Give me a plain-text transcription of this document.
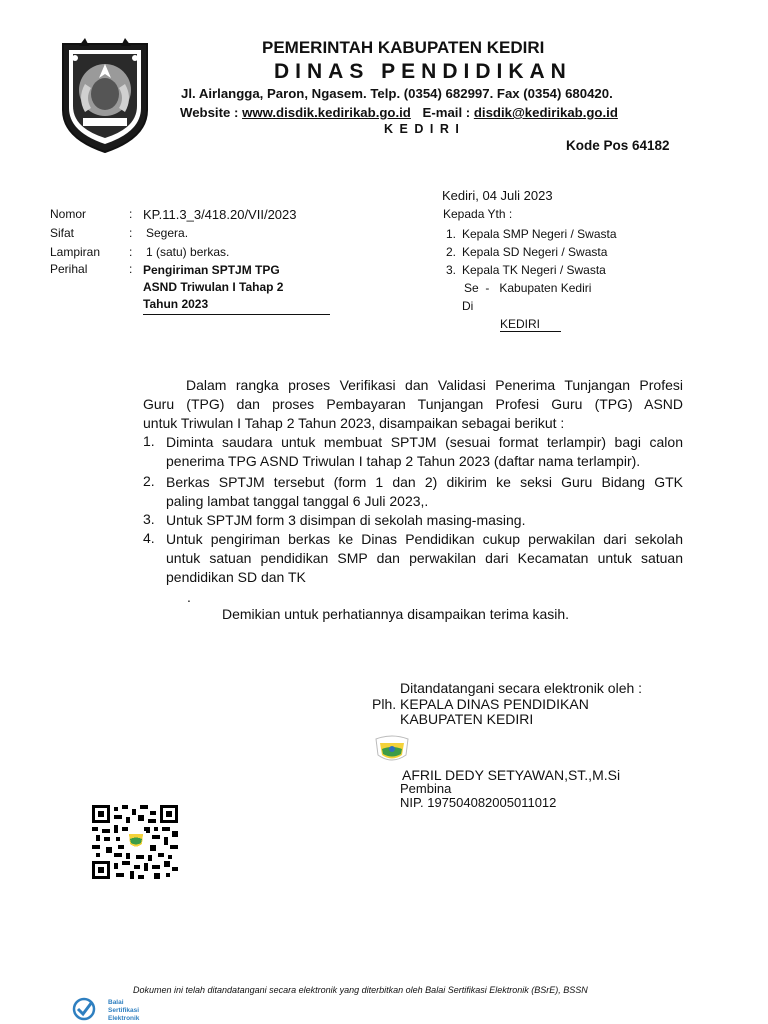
PEMERINTAH KABUPATEN KEDIRI
DINAS PENDIDIKAN
Jl. Airlangga, Paron, Ngasem. Telp. (0354) 682997. Fax (0354) 680420.
Website : www.disdik.kedirikab.go.id E-mail : disdik@kedirikab.go.id
KEDIRI
Kode Pos 64182
Kediri, 04 Juli 2023
Nomor	: KP.11.3_3/418.20/VII/2023
Sifat	: Segera.
Lampiran : 1 (satu) berkas.
Perihal	: Pengiriman SPTJM TPG
ASND Triwulan I Tahap 2
Tahun 2023
Kepada Yth :
1. Kepala SMP Negeri / Swasta
2. Kepala SD Negeri / Swasta
3. Kepala TK Negeri / Swasta
Se  -   Kabupaten Kediri
Di
KEDIRI
Dalam rangka proses Verifikasi dan Validasi Penerima Tunjangan Profesi
Guru (TPG) dan proses Pembayaran Tunjangan Profesi Guru (TPG) ASND
untuk Triwulan I Tahap 2 Tahun 2023, disampaikan sebagai berikut :
1. Diminta saudara untuk membuat SPTJM (sesuai format terlampir) bagi calon
penerima TPG ASND Triwulan I tahap 2 Tahun 2023 (daftar nama terlampir).
2. Berkas SPTJM tersebut (form 1 dan 2) dikirim ke seksi Guru Bidang GTK
paling lambat tanggal tanggal 6 Juli 2023,.
3. Untuk SPTJM form 3 disimpan di sekolah masing-masing.
4. Untuk pengiriman berkas ke Dinas Pendidikan cukup perwakilan dari sekolah
untuk satuan pendidikan SMP dan perwakilan dari Kecamatan untuk satuan
pendidikan SD dan TK
.
Demikian untuk perhatiannya disampaikan terima kasih.
Ditandatangani secara elektronik oleh :
Plh. KEPALA DINAS PENDIDIKAN
KABUPATEN KEDIRI
AFRIL DEDY SETYAWAN,ST.,M.Si
Pembina
NIP. 197504082005011012
Balai
Sertifikasi
Elektronik
Dokumen ini telah ditandatangani secara elektronik yang diterbitkan oleh Balai Sertifikasi Elektronik (BSrE), BSSN
